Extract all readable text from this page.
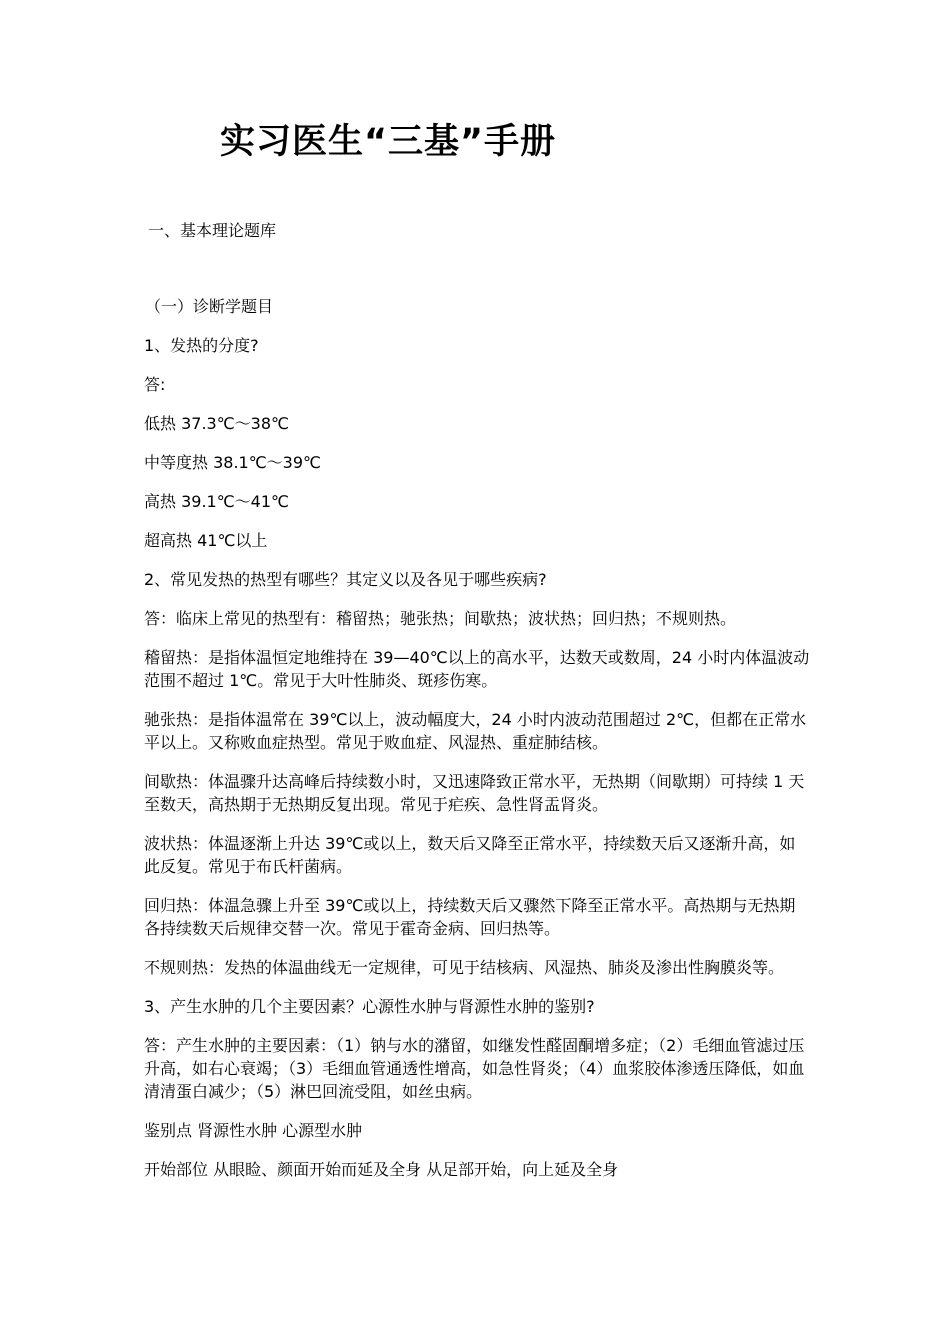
实习医生“三基”手册
一、基本理论题库
（一）诊断学题目

1、发热的分度?

答:

低热 37.3℃～38℃

中等度热 38.1℃～39℃

高热 39.1℃～41℃

超高热 41℃以上

2、常见发热的热型有哪些？其定义以及各见于哪些疾病?

答：临床上常见的热型有：稽留热；驰张热；间歇热；波状热；回归热；不规则热。

稽留热：是指体温恒定地维持在 39—40℃以上的高水平，达数天或数周，24 小时内体温波动范围不超过 1℃。常见于大叶性肺炎、斑疹伤寒。

驰张热：是指体温常在 39℃以上，波动幅度大，24 小时内波动范围超过 2℃，但都在正常水平以上。又称败血症热型。常见于败血症、风湿热、重症肺结核。

间歇热：体温骤升达高峰后持续数小时，又迅速降致正常水平，无热期（间歇期）可持续 1 天至数天，高热期于无热期反复出现。常见于疟疾、急性肾盂肾炎。

波状热：体温逐渐上升达 39℃或以上，数天后又降至正常水平，持续数天后又逐渐升高，如此反复。常见于布氏杆菌病。

回归热：体温急骤上升至 39℃或以上，持续数天后又骤然下降至正常水平。高热期与无热期各持续数天后规律交替一次。常见于霍奇金病、回归热等。

不规则热：发热的体温曲线无一定规律，可见于结核病、风湿热、肺炎及渗出性胸膜炎等。

3、产生水肿的几个主要因素？心源性水肿与肾源性水肿的鉴别?

答：产生水肿的主要因素：（1）钠与水的潴留，如继发性醛固酮增多症；（2）毛细血管滤过压升高，如右心衰竭；（3）毛细血管通透性增高，如急性肾炎；（4）血浆胶体渗透压降低，如血清清蛋白减少；（5）淋巴回流受阻，如丝虫病。

鉴别点 肾源性水肿 心源型水肿

开始部位 从眼睑、颜面开始而延及全身 从足部开始，向上延及全身
